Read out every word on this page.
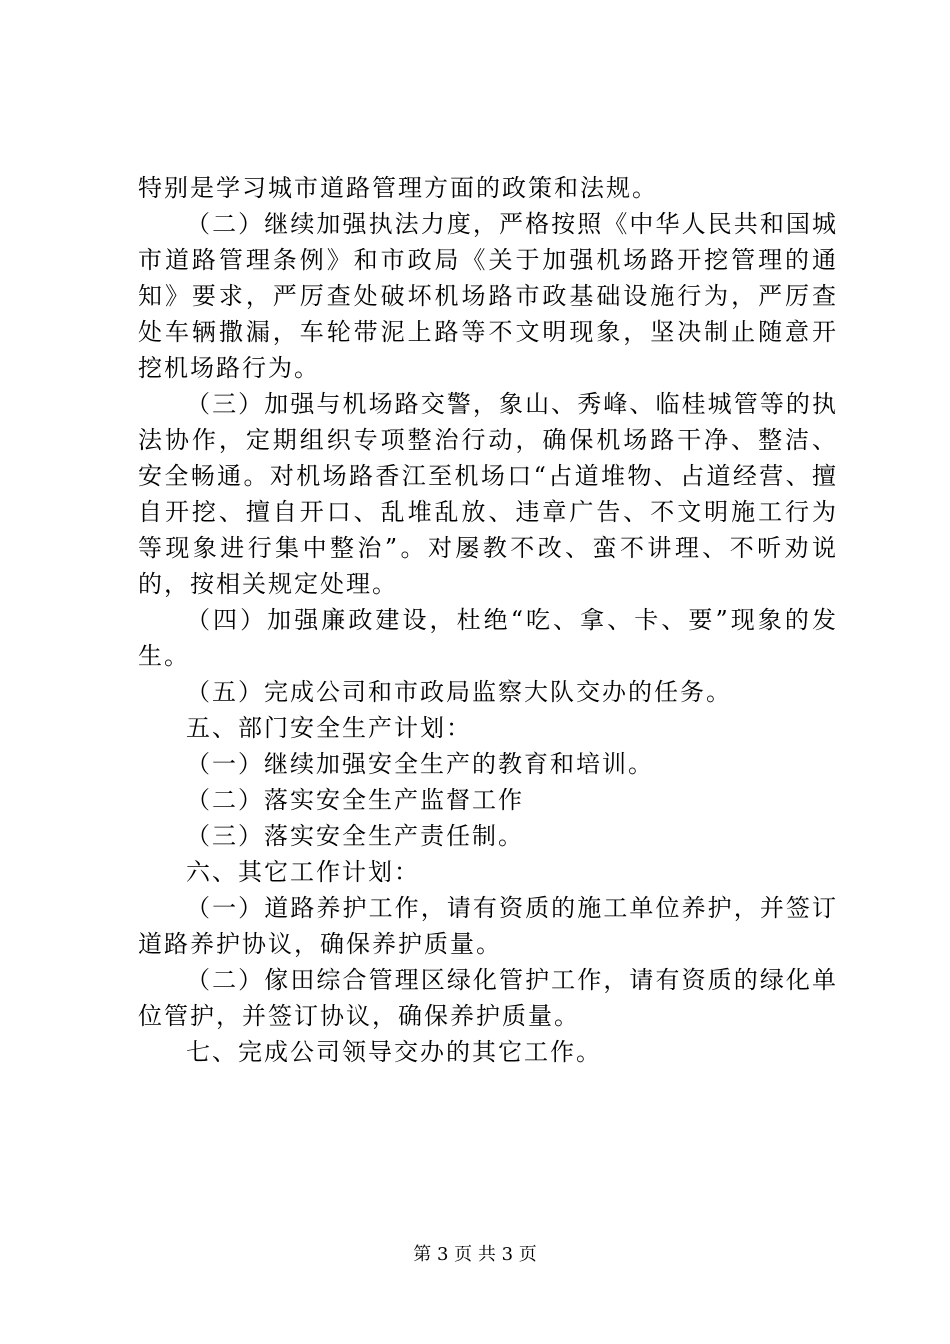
特别是学习城市道路管理方面的政策和法规。

（二）继续加强执法力度，严格按照《中华人民共和国城市道路管理条例》和市政局《关于加强机场路开挖管理的通知》要求，严厉查处破坏机场路市政基础设施行为，严厉查处车辆撒漏，车轮带泥上路等不文明现象，坚决制止随意开挖机场路行为。

（三）加强与机场路交警，象山、秀峰、临桂城管等的执法协作，定期组织专项整治行动，确保机场路干净、整洁、安全畅通。对机场路香江至机场口“占道堆物、占道经营、擅自开挖、擅自开口、乱堆乱放、违章广告、不文明施工行为等现象进行集中整治”。对屡教不改、蛮不讲理、不听劝说的，按相关规定处理。

（四）加强廉政建设，杜绝“吃、拿、卡、要”现象的发生。

（五）完成公司和市政局监察大队交办的任务。

五、部门安全生产计划：

（一）继续加强安全生产的教育和培训。

（二）落实安全生产监督工作

（三）落实安全生产责任制。

六、其它工作计划：

（一）道路养护工作，请有资质的施工单位养护，并签订道路养护协议，确保养护质量。

（二）傢田综合管理区绿化管护工作，请有资质的绿化单位管护，并签订协议，确保养护质量。

七、完成公司领导交办的其它工作。

第 3 页 共 3 页
